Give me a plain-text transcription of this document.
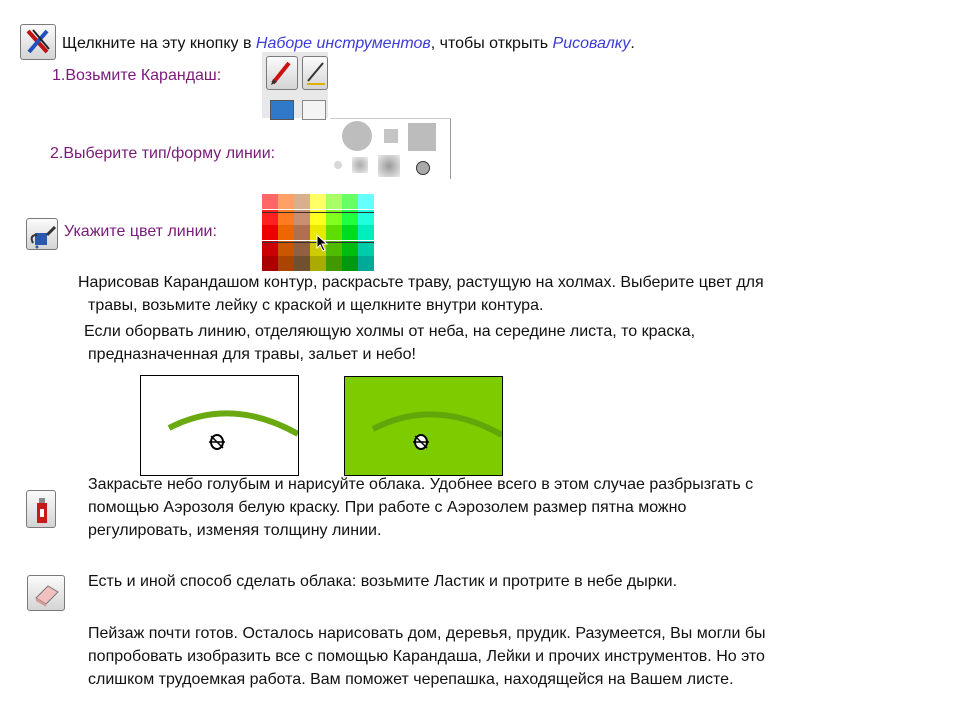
Щелкните на эту кнопку в Наборе инструментов, чтобы открыть Рисовалку.
1.Возьмите Карандаш:
2.Выберите тип/форму линии:
Укажите цвет линии:
Нарисовав Карандашом контур, раскрасьте траву, растущую на холмах. Выберите цвет для
травы, возьмите лейку с краской и щелкните внутри контура.
Если оборвать линию, отделяющую холмы от неба, на середине листа, то краска,
предназначенная для травы, зальет и небо!
Закрасьте небо голубым и нарисуйте облака. Удобнее всего в этом случае разбрызгать с
помощью Аэрозоля белую краску. При работе с Аэрозолем размер пятна можно
регулировать, изменяя толщину линии.
Есть и иной способ сделать облака: возьмите Ластик и протрите в небе дырки.
Пейзаж почти готов. Осталось нарисовать дом, деревья, прудик. Разумеется, Вы могли бы
попробовать изобразить все с помощью Карандаша, Лейки и прочих инструментов. Но это
слишком трудоемкая работа. Вам поможет черепашка, находящейся на Вашем листе.
